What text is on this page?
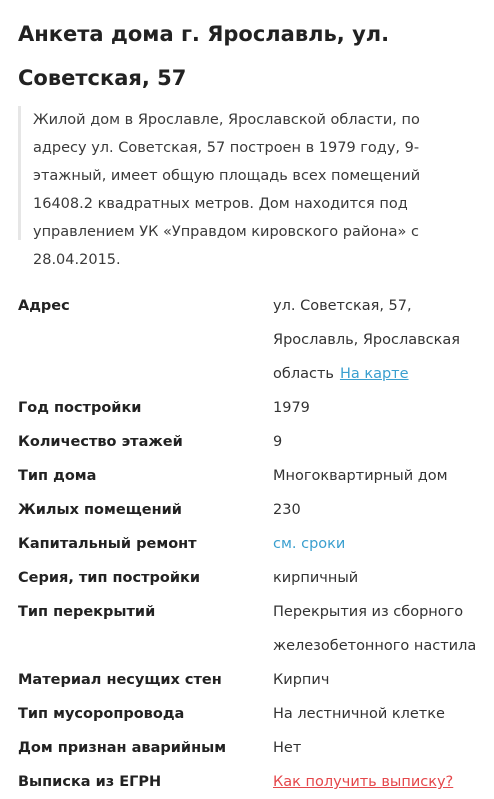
Анкета дома г. Ярославль, ул. Советская, 57
Жилой дом в Ярославле, Ярославской области, по адресу ул. Советская, 57 построен в 1979 году, 9-этажный, имеет общую площадь всех помещений 16408.2 квадратных метров. Дом находится под управлением УК «Управдом кировского района» с 28.04.2015.
Адрес	ул. Советская, 57, Ярославль, Ярославская область На карте
Год постройки	1979
Количество этажей	9
Тип дома	Многоквартирный дом
Жилых помещений	230
Капитальный ремонт	см. сроки
Серия, тип постройки	кирпичный
Тип перекрытий	Перекрытия из сборного железобетонного настила
Материал несущих стен	Кирпич
Тип мусоропровода	На лестничной клетке
Дом признан аварийным	Нет
Выписка из ЕГРН	Как получить выписку?
